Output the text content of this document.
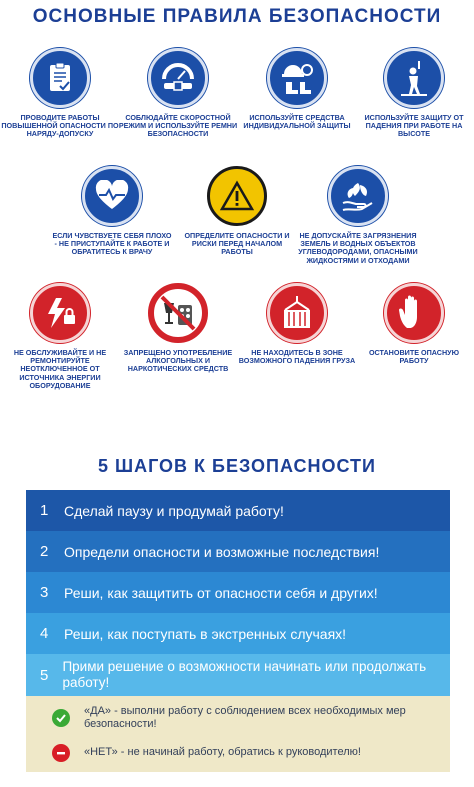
ОСНОВНЫЕ ПРАВИЛА БЕЗОПАСНОСТИ
ПРОВОДИТЕ РАБОТЫ ПОВЫШЕННОЙ ОПАСНОСТИ ПО НАРЯДУ-ДОПУСКУ
СОБЛЮДАЙТЕ СКОРОСТНОЙ РЕЖИМ И ИСПОЛЬЗУЙТЕ РЕМНИ БЕЗОПАСНОСТИ
ИСПОЛЬЗУЙТЕ СРЕДСТВА ИНДИВИДУАЛЬНОЙ ЗАЩИТЫ
ИСПОЛЬЗУЙТЕ ЗАЩИТУ ОТ ПАДЕНИЯ ПРИ РАБОТЕ НА ВЫСОТЕ
ЕСЛИ ЧУВСТВУЕТЕ СЕБЯ ПЛОХО - НЕ ПРИСТУПАЙТЕ К РАБОТЕ И ОБРАТИТЕСЬ К ВРАЧУ
ОПРЕДЕЛИТЕ ОПАСНОСТИ И РИСКИ ПЕРЕД НАЧАЛОМ РАБОТЫ
НЕ ДОПУСКАЙТЕ ЗАГРЯЗНЕНИЯ ЗЕМЕЛЬ И ВОДНЫХ ОБЪЕКТОВ УГЛЕВОДОРОДАМИ, ОПАСНЫМИ ЖИДКОСТЯМИ И ОТХОДАМИ
НЕ ОБСЛУЖИВАЙТЕ И НЕ РЕМОНТИРУЙТЕ НЕОТКЛЮЧЕННОЕ ОТ ИСТОЧНИКА ЭНЕРГИИ ОБОРУДОВАНИЕ
ЗАПРЕЩЕНО УПОТРЕБЛЕНИЕ АЛКОГОЛЬНЫХ И НАРКОТИЧЕСКИХ СРЕДСТВ
НЕ НАХОДИТЕСЬ В ЗОНЕ ВОЗМОЖНОГО ПАДЕНИЯ ГРУЗА
ОСТАНОВИТЕ ОПАСНУЮ РАБОТУ
5 ШАГОВ К БЕЗОПАСНОСТИ
1	Сделай паузу и продумай работу!
2	Определи опасности и возможные последствия!
3	Реши, как защитить от опасности себя и других!
4	Реши, как поступать в экстренных случаях!
5	Прими решение о возможности начинать или продолжать работу!
«ДА» - выполни работу с соблюдением всех необходимых мер безопасности!
«НЕТ» - не начинай работу, обратись к руководителю!
